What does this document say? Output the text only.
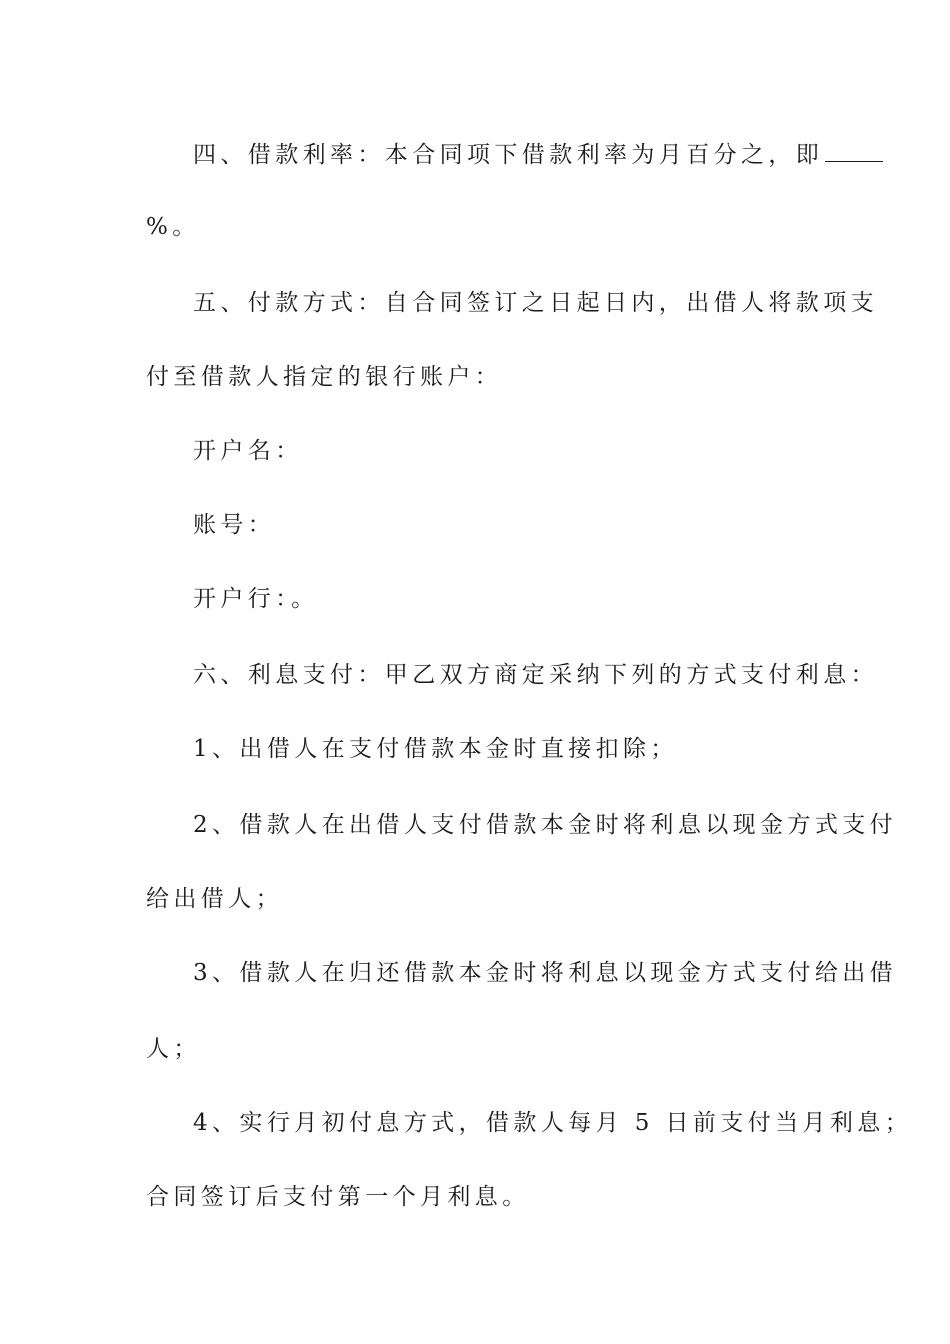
四、借款利率：本合同项下借款利率为月百分之，即
%。
五、付款方式：自合同签订之日起日内，出借人将款项支
付至借款人指定的银行账户：
开户名：
账号：
开户行：。
六、利息支付：甲乙双方商定采纳下列的方式支付利息：
1、出借人在支付借款本金时直接扣除；
2、借款人在出借人支付借款本金时将利息以现金方式支付
给出借人；
3、借款人在归还借款本金时将利息以现金方式支付给出借
人；
4、实行月初付息方式，借款人每月 5 日前支付当月利息；
合同签订后支付第一个月利息。
